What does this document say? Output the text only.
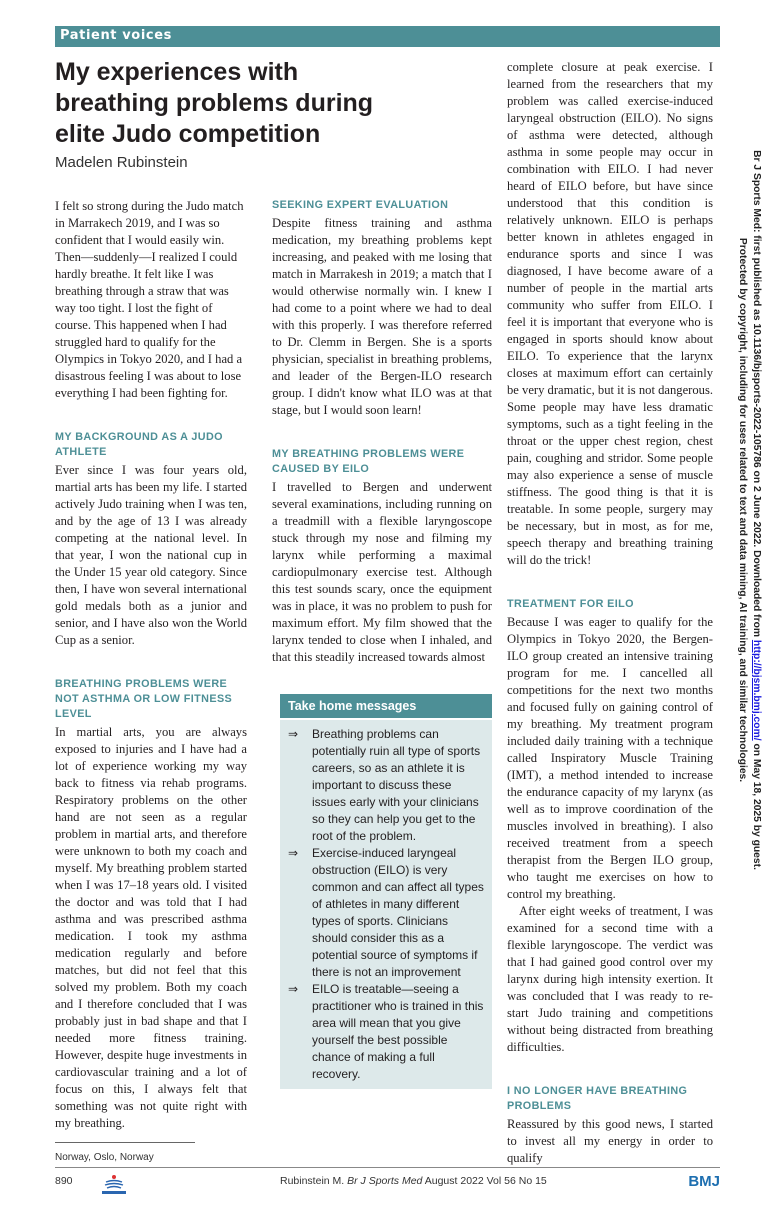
Patient voices
My experiences with breathing problems during elite Judo competition
Madelen Rubinstein

I felt so strong during the Judo match in Marrakech 2019, and I was so confident that I would easily win. Then—suddenly—I realized I could hardly breathe. It felt like I was breathing through a straw that was way too tight. I lost the fight of course. This happened when I had struggled hard to qualify for the Olympics in Tokyo 2020, and I had a disastrous feeling I was about to lose everything I had been fighting for.

MY BACKGROUND AS A JUDO ATHLETE

Ever since I was four years old, martial arts has been my life. I started actively Judo training when I was ten, and by the age of 13 I was already competing at the national level. In that year, I won the national cup in the Under 15 year old category. Since then, I have won several international gold medals both as a junior and senior, and I have also won the World Cup as a senior.

BREATHING PROBLEMS WERE NOT ASTHMA OR LOW FITNESS LEVEL

In martial arts, you are always exposed to injuries and I have had a lot of experience working my way back to fitness via rehab programs. Respiratory problems on the other hand are not seen as a regular problem in martial arts, and therefore were unknown to both my coach and myself. My breathing problem started when I was 17–18 years old. I visited the doctor and was told that I had asthma and was prescribed asthma medication. I took my asthma medication regularly and before matches, but did not feel that this solved my problem. Both my coach and I therefore concluded that I was probably just in bad shape and that I needed more fitness training. However, despite huge investments in cardiovascular training and a lot of focus on this, I always felt that something was not quite right with my breathing.

Norway, Oslo, Norway

SEEKING EXPERT EVALUATION

Despite fitness training and asthma medication, my breathing problems kept increasing, and peaked with me losing that match in Marrakesh in 2019; a match that I would otherwise normally win. I knew I had come to a point where we had to deal with this properly. I was therefore referred to Dr. Clemm in Bergen. She is a sports physician, specialist in breathing problems, and leader of the Bergen-ILO research group. I didn't know what ILO was at that stage, but I would soon learn!

MY BREATHING PROBLEMS WERE CAUSED BY EILO

I travelled to Bergen and underwent several examinations, including running on a treadmill with a flexible laryngoscope stuck through my nose and filming my larynx while performing a maximal cardiopulmonary exercise test. Although this test sounds scary, once the equipment was in place, it was no problem to push for maximum effort. My film showed that the larynx tended to close when I inhaled, and that this steadily increased towards almost

Take home messages
⇒	Breathing problems can potentially ruin all type of sports careers, so as an athlete it is important to discuss these issues early with your clinicians so they can help you get to the root of the problem.
⇒	Exercise-induced laryngeal obstruction (EILO) is very common and can affect all types of athletes in many different types of sports. Clinicians should consider this as a potential source of symptoms if there is not an improvement
⇒	EILO is treatable—seeing a practitioner who is trained in this area will mean that you give yourself the best possible chance of making a full recovery.

complete closure at peak exercise. I learned from the researchers that my problem was called exercise-induced laryngeal obstruction (EILO). No signs of asthma were detected, although asthma in some people may occur in combination with EILO. I had never heard of EILO before, but have since understood that this condition is relatively unknown. EILO is perhaps better known in athletes engaged in endurance sports and since I was diagnosed, I have become aware of a number of people in the martial arts community who suffer from EILO. I feel it is important that everyone who is engaged in sports should know about EILO. To experience that the larynx closes at maximum effort can certainly be very dramatic, but it is not dangerous. Some people may have less dramatic symptoms, such as a tight feeling in the throat or the upper chest region, chest pain, coughing and stridor. Some people may also experience a sense of muscle stiffness. The good thing is that it is treatable. In some people, surgery may be necessary, but in most, as for me, speech therapy and breathing training will do the trick!

TREATMENT FOR EILO

Because I was eager to qualify for the Olympics in Tokyo 2020, the Bergen-ILO group created an intensive training program for me. I cancelled all competitions for the next two months and focused fully on gaining control of my breathing. My treatment program included daily training with a technique called Inspiratory Muscle Training (IMT), a method intended to increase the endurance capacity of my larynx (as well as to improve coordination of the muscles involved in breathing). I also received treatment from a speech therapist from the Bergen ILO group, who taught me exercises on how to control my breathing.

After eight weeks of treatment, I was examined for a second time with a flexible laryngoscope. The verdict was that I had gained good control over my larynx during high intensity exertion. It was concluded that I was ready to re-start Judo training and competitions without being distracted from breathing difficulties.

I NO LONGER HAVE BREATHING PROBLEMS

Reassured by this good news, I started to invest all my energy in order to qualify

890	Rubinstein M. Br J Sports Med August 2022 Vol 56 No 15	BMJ
Br J Sports Med: first published as 10.1136/bjsports-2022-105786 on 2 June 2022. Downloaded from http://bjsm.bmj.com/ on May 18, 2025 by guest.
Protected by copyright, including for uses related to text and data mining, AI training, and similar technologies.
